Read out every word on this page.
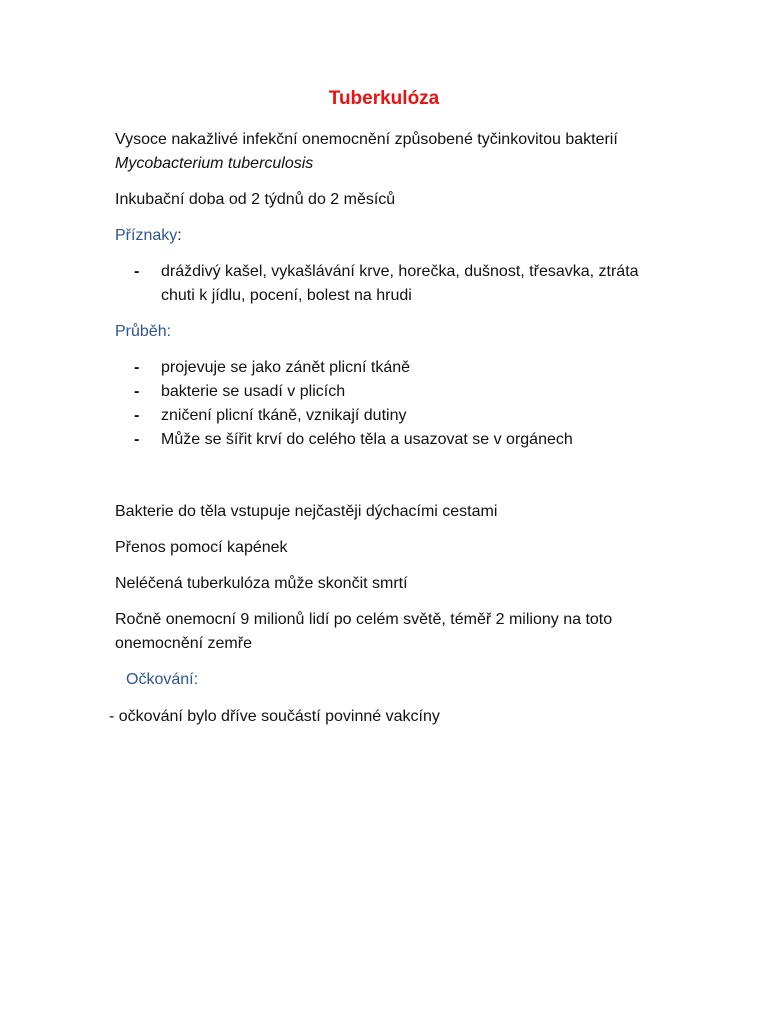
Tuberkulóza
Vysoce nakažlivé infekční onemocnění způsobené tyčinkovitou bakterií
Mycobacterium tuberculosis
Inkubační doba od 2 týdnů do 2 měsíců
Příznaky:
- dráždivý kašel, vykašlávání krve, horečka, dušnost, třesavka, ztráta chuti k jídlu, pocení, bolest na hrudi
Průběh:
- projevuje se jako zánět plicní tkáně
- bakterie se usadí v plicích
- zničení plicní tkáně, vznikají dutiny
- Může se šířit krví do celého těla a usazovat se v orgánech
Bakterie do těla vstupuje nejčastěji dýchacími cestami
Přenos pomocí kapének
Neléčená tuberkulóza může skončit smrtí
Ročně onemocní 9 milionů lidí po celém světě, téměř 2 miliony na toto onemocnění zemře
Očkování:
- očkování bylo dříve součástí povinné vakcíny
